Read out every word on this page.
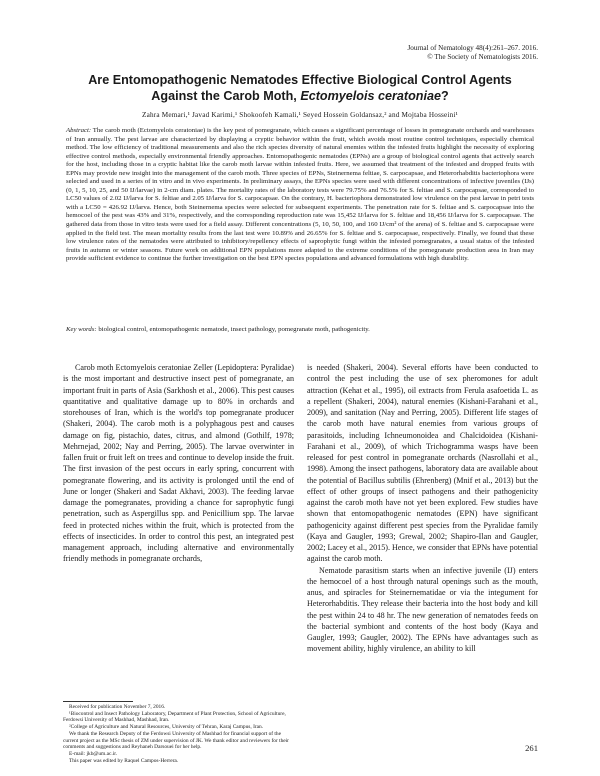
Journal of Nematology 48(4):261–267. 2016.
© The Society of Nematologists 2016.
Are Entomopathogenic Nematodes Effective Biological Control Agents Against the Carob Moth, Ectomyelois ceratoniae?
Zahra Memari,¹ Javad Karimi,¹ Shokoofeh Kamali,¹ Seyed Hossein Goldansaz,² and Mojtaba Hosseini¹
Abstract: The carob moth (Ectomyelois ceratoniae) is the key pest of pomegranate, which causes a significant percentage of losses in pomegranate orchards and warehouses of Iran annually. The pest larvae are characterized by displaying a cryptic behavior within the fruit, which avoids most routine control techniques, especially chemical method. The low efficiency of traditional measurements and also the rich species diversity of natural enemies within the infested fruits highlight the necessity of exploring effective control methods, especially environmental friendly approaches. Entomopathogenic nematodes (EPNs) are a group of biological control agents that actively search for the host, including those in a cryptic habitat like the carob moth larvae within infested fruits. Here, we assumed that treatment of the infested and dropped fruits with EPNs may provide new insight into the management of the carob moth. Three species of EPNs, Steinernema feltiae, S. carpocapsae, and Heterorhabditis bacteriophora were selected and used in a series of in vitro and in vivo experiments. In preliminary assays, the EPNs species were used with different concentrations of infective juveniles (IJs) (0, 1, 5, 10, 25, and 50 IJ/larvae) in 2-cm diam. plates. The mortality rates of the laboratory tests were 79.75% and 76.5% for S. feltiae and S. carpocapsae, corresponded to LC50 values of 2.02 IJ/larva for S. feltiae and 2.05 IJ/larva for S. carpocapsae. On the contrary, H. bacteriophora demonstrated low virulence on the pest larvae in petri tests with a LC50 = 426.92 IJ/larva. Hence, both Steinernema species were selected for subsequent experiments. The penetration rate for S. feltiae and S. carpocapsae into the hemocoel of the pest was 43% and 31%, respectively, and the corresponding reproduction rate was 15,452 IJ/larva for S. feltiae and 18,456 IJ/larva for S. carpocapsae. The gathered data from those in vitro tests were used for a field assay. Different concentrations (5, 10, 50, 100, and 160 IJ/cm² of the arena) of S. feltiae and S. carpocapsae were applied in the field test. The mean mortality results from the last test were 10.89% and 26.65% for S. feltiae and S. carpocapsae, respectively. Finally, we found that these low virulence rates of the nematodes were attributed to inhibitory/repellency effects of saprophytic fungi within the infested pomegranates, a usual status of the infested fruits in autumn or winter seasons. Future work on additional EPN populations more adapted to the extreme conditions of the pomegranate production area in Iran may provide sufficient evidence to continue the further investigation on the best EPN species populations and advanced formulations with high durability.
Key words: biological control, entomopathogenic nematode, insect pathology, pomegranate moth, pathogenicity.

Carob moth Ectomyelois ceratoniae Zeller (Lepidoptera: Pyralidae) is the most important and destructive insect pest of pomegranate, an important fruit in parts of Asia (Sarkhosh et al., 2006). This pest causes quantitative and qualitative damage up to 80% in orchards and storehouses of Iran, which is the world's top pomegranate producer (Shakeri, 2004). The carob moth is a polyphagous pest and causes damage on fig, pistachio, dates, citrus, and almond (Gothilf, 1978; Mehrnejad, 2002; Nay and Perring, 2005). The larvae overwinter in fallen fruit or fruit left on trees and continue to develop inside the fruit. The first invasion of the pest occurs in early spring, concurrent with pomegranate flowering, and its activity is prolonged until the end of June or longer (Shakeri and Sadat Akhavi, 2003). The feeding larvae damage the pomegranates, providing a chance for saprophytic fungi penetration, such as Aspergillus spp. and Penicillium spp. The larvae feed in protected niches within the fruit, which is protected from the effects of insecticides. In order to control this pest, an integrated pest management approach, including alternative and environmentally friendly methods in pomegranate orchards,

is needed (Shakeri, 2004). Several efforts have been conducted to control the pest including the use of sex pheromones for adult attraction (Kehat et al., 1995), oil extracts from Ferula asafoetida L. as a repellent (Shakeri, 2004), natural enemies (Kishani-Farahani et al., 2009), and sanitation (Nay and Perring, 2005). Different life stages of the carob moth have natural enemies from various groups of parasitoids, including Ichneumonoidea and Chalcidoidea (Kishani-Farahani et al., 2009), of which Trichogramma wasps have been released for pest control in pomegranate orchards (Nasrollahi et al., 1998). Among the insect pathogens, laboratory data are available about the potential of Bacillus subtilis (Ehrenberg) (Mnif et al., 2013) but the effect of other groups of insect pathogens and their pathogenicity against the carob moth have not yet been explored. Few studies have shown that entomopathogenic nematodes (EPN) have significant pathogenicity against different pest species from the Pyralidae family (Kaya and Gaugler, 1993; Grewal, 2002; Shapiro-Ilan and Gaugler, 2002; Lacey et al., 2015). Hence, we consider that EPNs have potential against the carob moth.

Nematode parasitism starts when an infective juvenile (IJ) enters the hemocoel of a host through natural openings such as the mouth, anus, and spiracles for Steinernematidae or via the integument for Heterorhabditis. They release their bacteria into the host body and kill the pest within 24 to 48 hr. The new generation of nematodes feeds on the bacterial symbiont and contents of the host body (Kaya and Gaugler, 1993; Gaugler, 2002). The EPNs have advantages such as movement ability, highly virulence, an ability to kill

Received for publication November 7, 2016.
¹Biocontrol and Insect Pathology Laboratory, Department of Plant Protection, School of Agriculture, Ferdowsi University of Mashhad, Mashhad, Iran.
²College of Agriculture and Natural Resources, University of Tehran, Karaj Campus, Iran.
We thank the Research Deputy of the Ferdowsi University of Mashhad for financial support of the current project as the MSc thesis of ZM under supervision of JK. We thank editor and reviewers for their comments and suggestions and Reyhaneh Darsouei for her help.
E-mail: jkb@um.ac.ir.
This paper was edited by Raquel Campos-Herrera.
261
